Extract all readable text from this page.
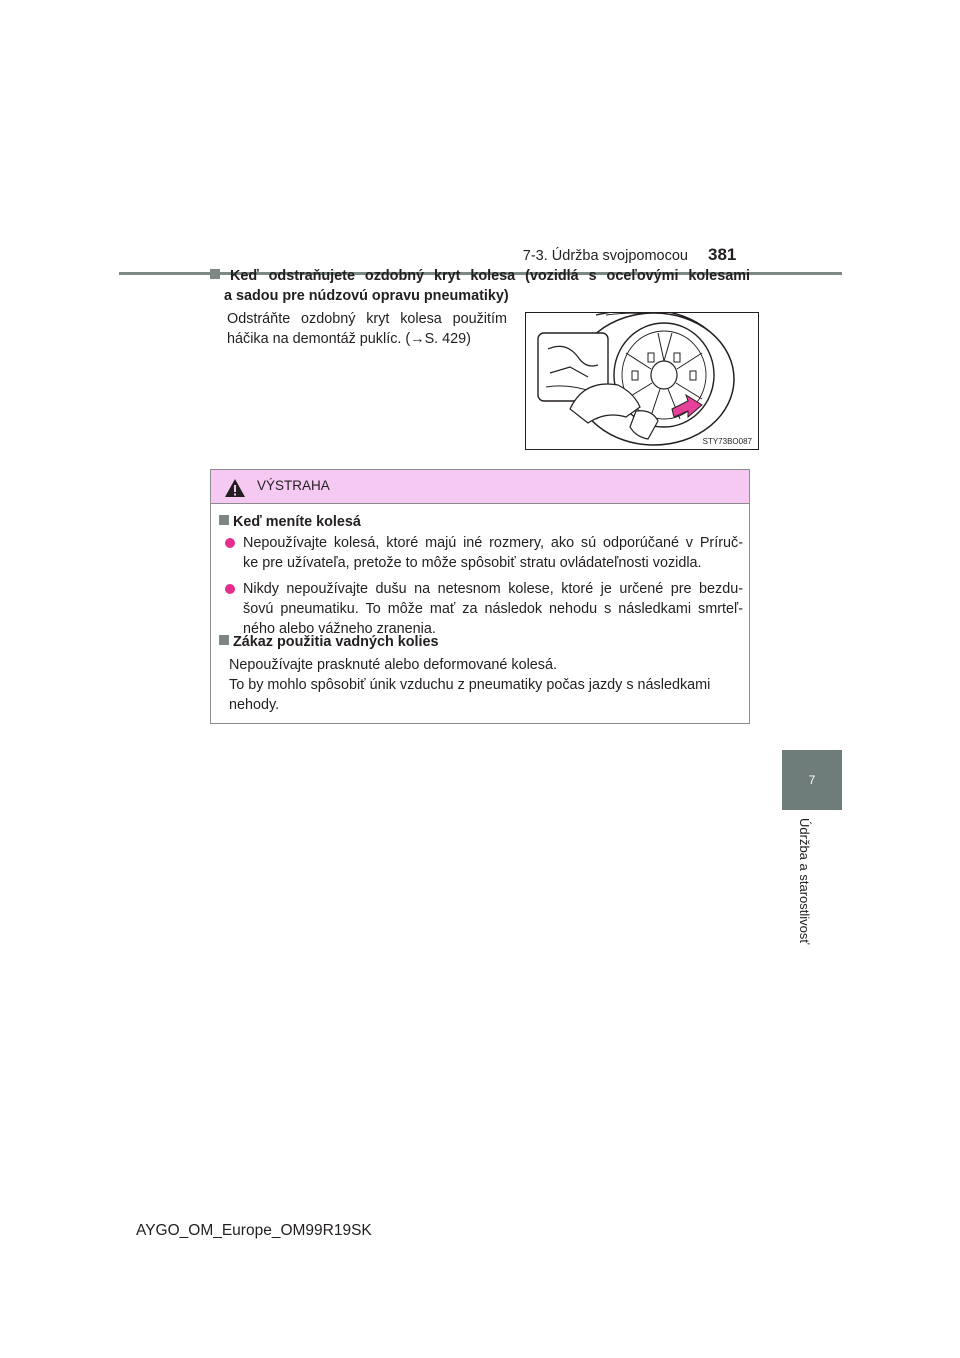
7-3. Údržba svojpomocou 381
7
Údržba a starostlivosť
Keď odstraňujete ozdobný kryt kolesa (vozidlá s oceľovými kolesami
a sadou pre núdzovú opravu pneumatiky)
Odstráňte ozdobný kryt kolesa použitím
háčika na demontáž puklíc. (→S. 429)
STY73BO087
VÝSTRAHA
Keď meníte kolesá
Nepoužívajte kolesá, ktoré majú iné rozmery, ako sú odporúčané v Príruč-
ke pre užívateľa, pretože to môže spôsobiť stratu ovládateľnosti vozidla.
Nikdy nepoužívajte dušu na netesnom kolese, ktoré je určené pre bezdu-
šovú pneumatiku. To môže mať za následok nehodu s následkami smrteľ-
ného alebo vážneho zranenia.
Zákaz použitia vadných kolies
Nepoužívajte prasknuté alebo deformované kolesá.
To by mohlo spôsobiť únik vzduchu z pneumatiky počas jazdy s následkami
nehody.
AYGO_OM_Europe_OM99R19SK
